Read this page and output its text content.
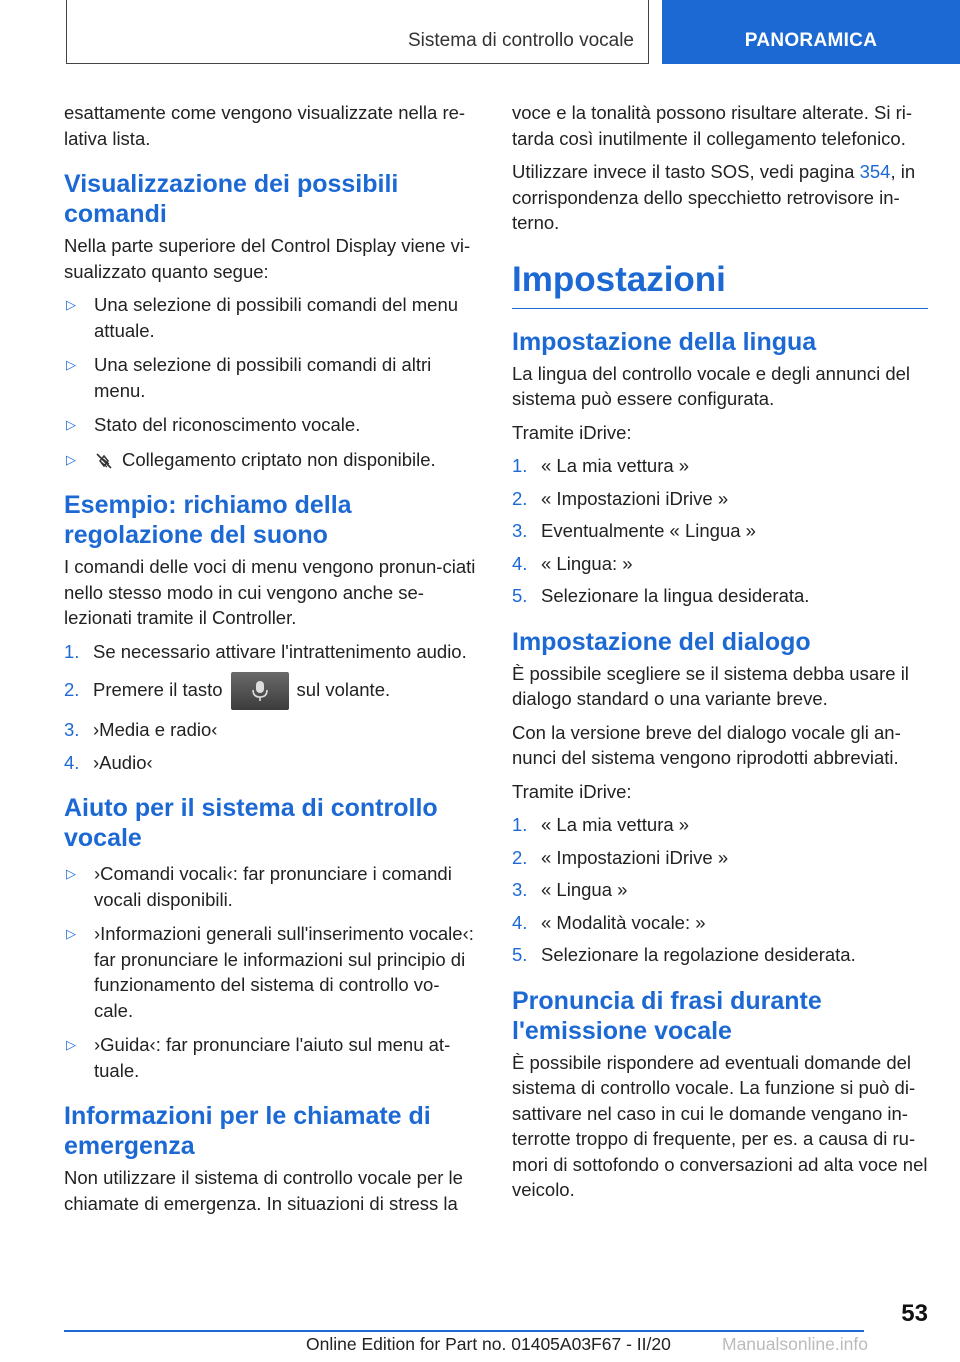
Sistema di controllo vocale	PANORAMICA

esattamente come vengono visualizzate nella re-lativa lista.

Visualizzazione dei possibili comandi

Nella parte superiore del Control Display viene vi-sualizzato quanto segue:

▷ Una selezione di possibili comandi del menu attuale.
▷ Una selezione di possibili comandi di altri menu.
▷ Stato del riconoscimento vocale.
▷ Collegamento criptato non disponibile.
Esempio: richiamo della regolazione del suono

I comandi delle voci di menu vengono pronun-ciati nello stesso modo in cui vengono anche se-lezionati tramite il Controller.

1. Se necessario attivare l'intrattenimento audio.
2. Premere il tasto	sul volante.
3. ›Media e radio‹
4. ›Audio‹
Aiuto per il sistema di controllo vocale
▷ ›Comandi vocali‹: far pronunciare i comandi vocali disponibili.
▷ ›Informazioni generali sull'inserimento vocale‹: far pronunciare le informazioni sul principio di funzionamento del sistema di controllo vo-cale.
▷ ›Guida‹: far pronunciare l'aiuto sul menu at-tuale.
Informazioni per le chiamate di emergenza

Non utilizzare il sistema di controllo vocale per le chiamate di emergenza. In situazioni di stress la

voce e la tonalità possono risultare alterate. Si ri-tarda così inutilmente il collegamento telefonico.

Utilizzare invece il tasto SOS, vedi pagina 354, in corrispondenza dello specchietto retrovisore in-terno.

Impostazioni
Impostazione della lingua

La lingua del controllo vocale e degli annunci del sistema può essere configurata.

Tramite iDrive:

1. « La mia vettura »
2. « Impostazioni iDrive »
3. Eventualmente « Lingua »
4. « Lingua: »
5. Selezionare la lingua desiderata.
Impostazione del dialogo

È possibile scegliere se il sistema debba usare il dialogo standard o una variante breve.

Con la versione breve del dialogo vocale gli an-nunci del sistema vengono riprodotti abbreviati.

Tramite iDrive:

1. « La mia vettura »
2. « Impostazioni iDrive »
3. « Lingua »
4. « Modalità vocale: »
5. Selezionare la regolazione desiderata.
Pronuncia di frasi durante l'emissione vocale

È possibile rispondere ad eventuali domande del sistema di controllo vocale. La funzione si può di-sattivare nel caso in cui le domande vengano in-terrotte troppo di frequente, per es. a causa di ru-mori di sottofondo o conversazioni ad alta voce nel veicolo.

53
Online Edition for Part no. 01405A03F67 - II/20	Manualsonline.info
